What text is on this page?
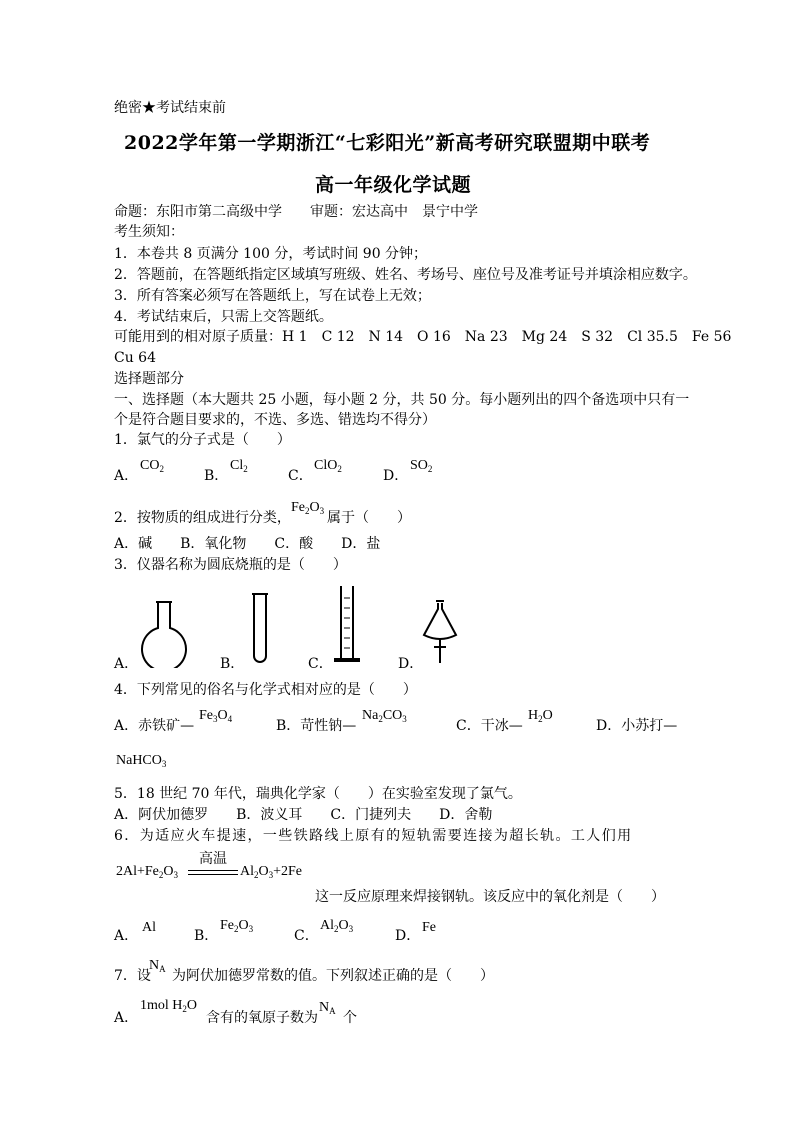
绝密★考试结束前
2022学年第一学期浙江“七彩阳光”新高考研究联盟期中联考
高一年级化学试题
命题：东阳市第二高级中学　　审题：宏达高中　景宁中学
考生须知：
1．本卷共 8 页满分 100 分，考试时间 90 分钟；
2．答题前，在答题纸指定区域填写班级、姓名、考场号、座位号及准考证号并填涂相应数字。
3．所有答案必须写在答题纸上，写在试卷上无效；
4．考试结束后，只需上交答题纸。
可能用到的相对原子质量：H 1　C 12　N 14　O 16　Na 23　Mg 24　S 32　Cl 35.5　Fe 56
Cu 64
选择题部分
一、选择题（本大题共 25 小题，每小题 2 分，共 50 分。每小题列出的四个备选项中只有一
个是符合题目要求的，不选、多选、错选均不得分）
1．氯气的分子式是（　　）
A．
$CO_2$	B．
$Cl_2$	C．
ClO$_2$	D．
$SO_2$
2．按物质的组成进行分类，
$Fe_2O_3$ 属于（　　）
A．碱　　B．氧化物　　C．酸　　D．盐
3．仪器名称为圆底烧瓶的是（　　）
A．	B．	C．	D．
4．下列常见的俗名与化学式相对应的是（　　）
A．赤铁矿—
$Fe_3O_4$	B．苛性钠—
$Na_2CO_3$	C．干冰—
$H_2O$
D．小苏打—
NaHCO$_3$
5．18 世纪 70 年代，瑞典化学家（　　）在实验室发现了氯气。
A．阿伏加德罗　　B．波义耳　　C．门捷列夫　　D．舍勒
6．为适应火车提速，一些铁路线上原有的短轨需要连接为超长轨。工人们用
高温
$2Al+Fe_2O_3$	$Al_2O_3+2Fe$
这一反应原理来焊接钢轨。该反应中的氧化剂是（　　）
A．
Al
B．
$Fe_2O_3$	C．
$Al_2O_3$	D．
Fe
7．设
$N_A$ 为阿伏加德罗常数的值。下列叙述正确的是（　　）
A．
1mol $H_2O$
含有的氧原子数为
$N_A$ 个
